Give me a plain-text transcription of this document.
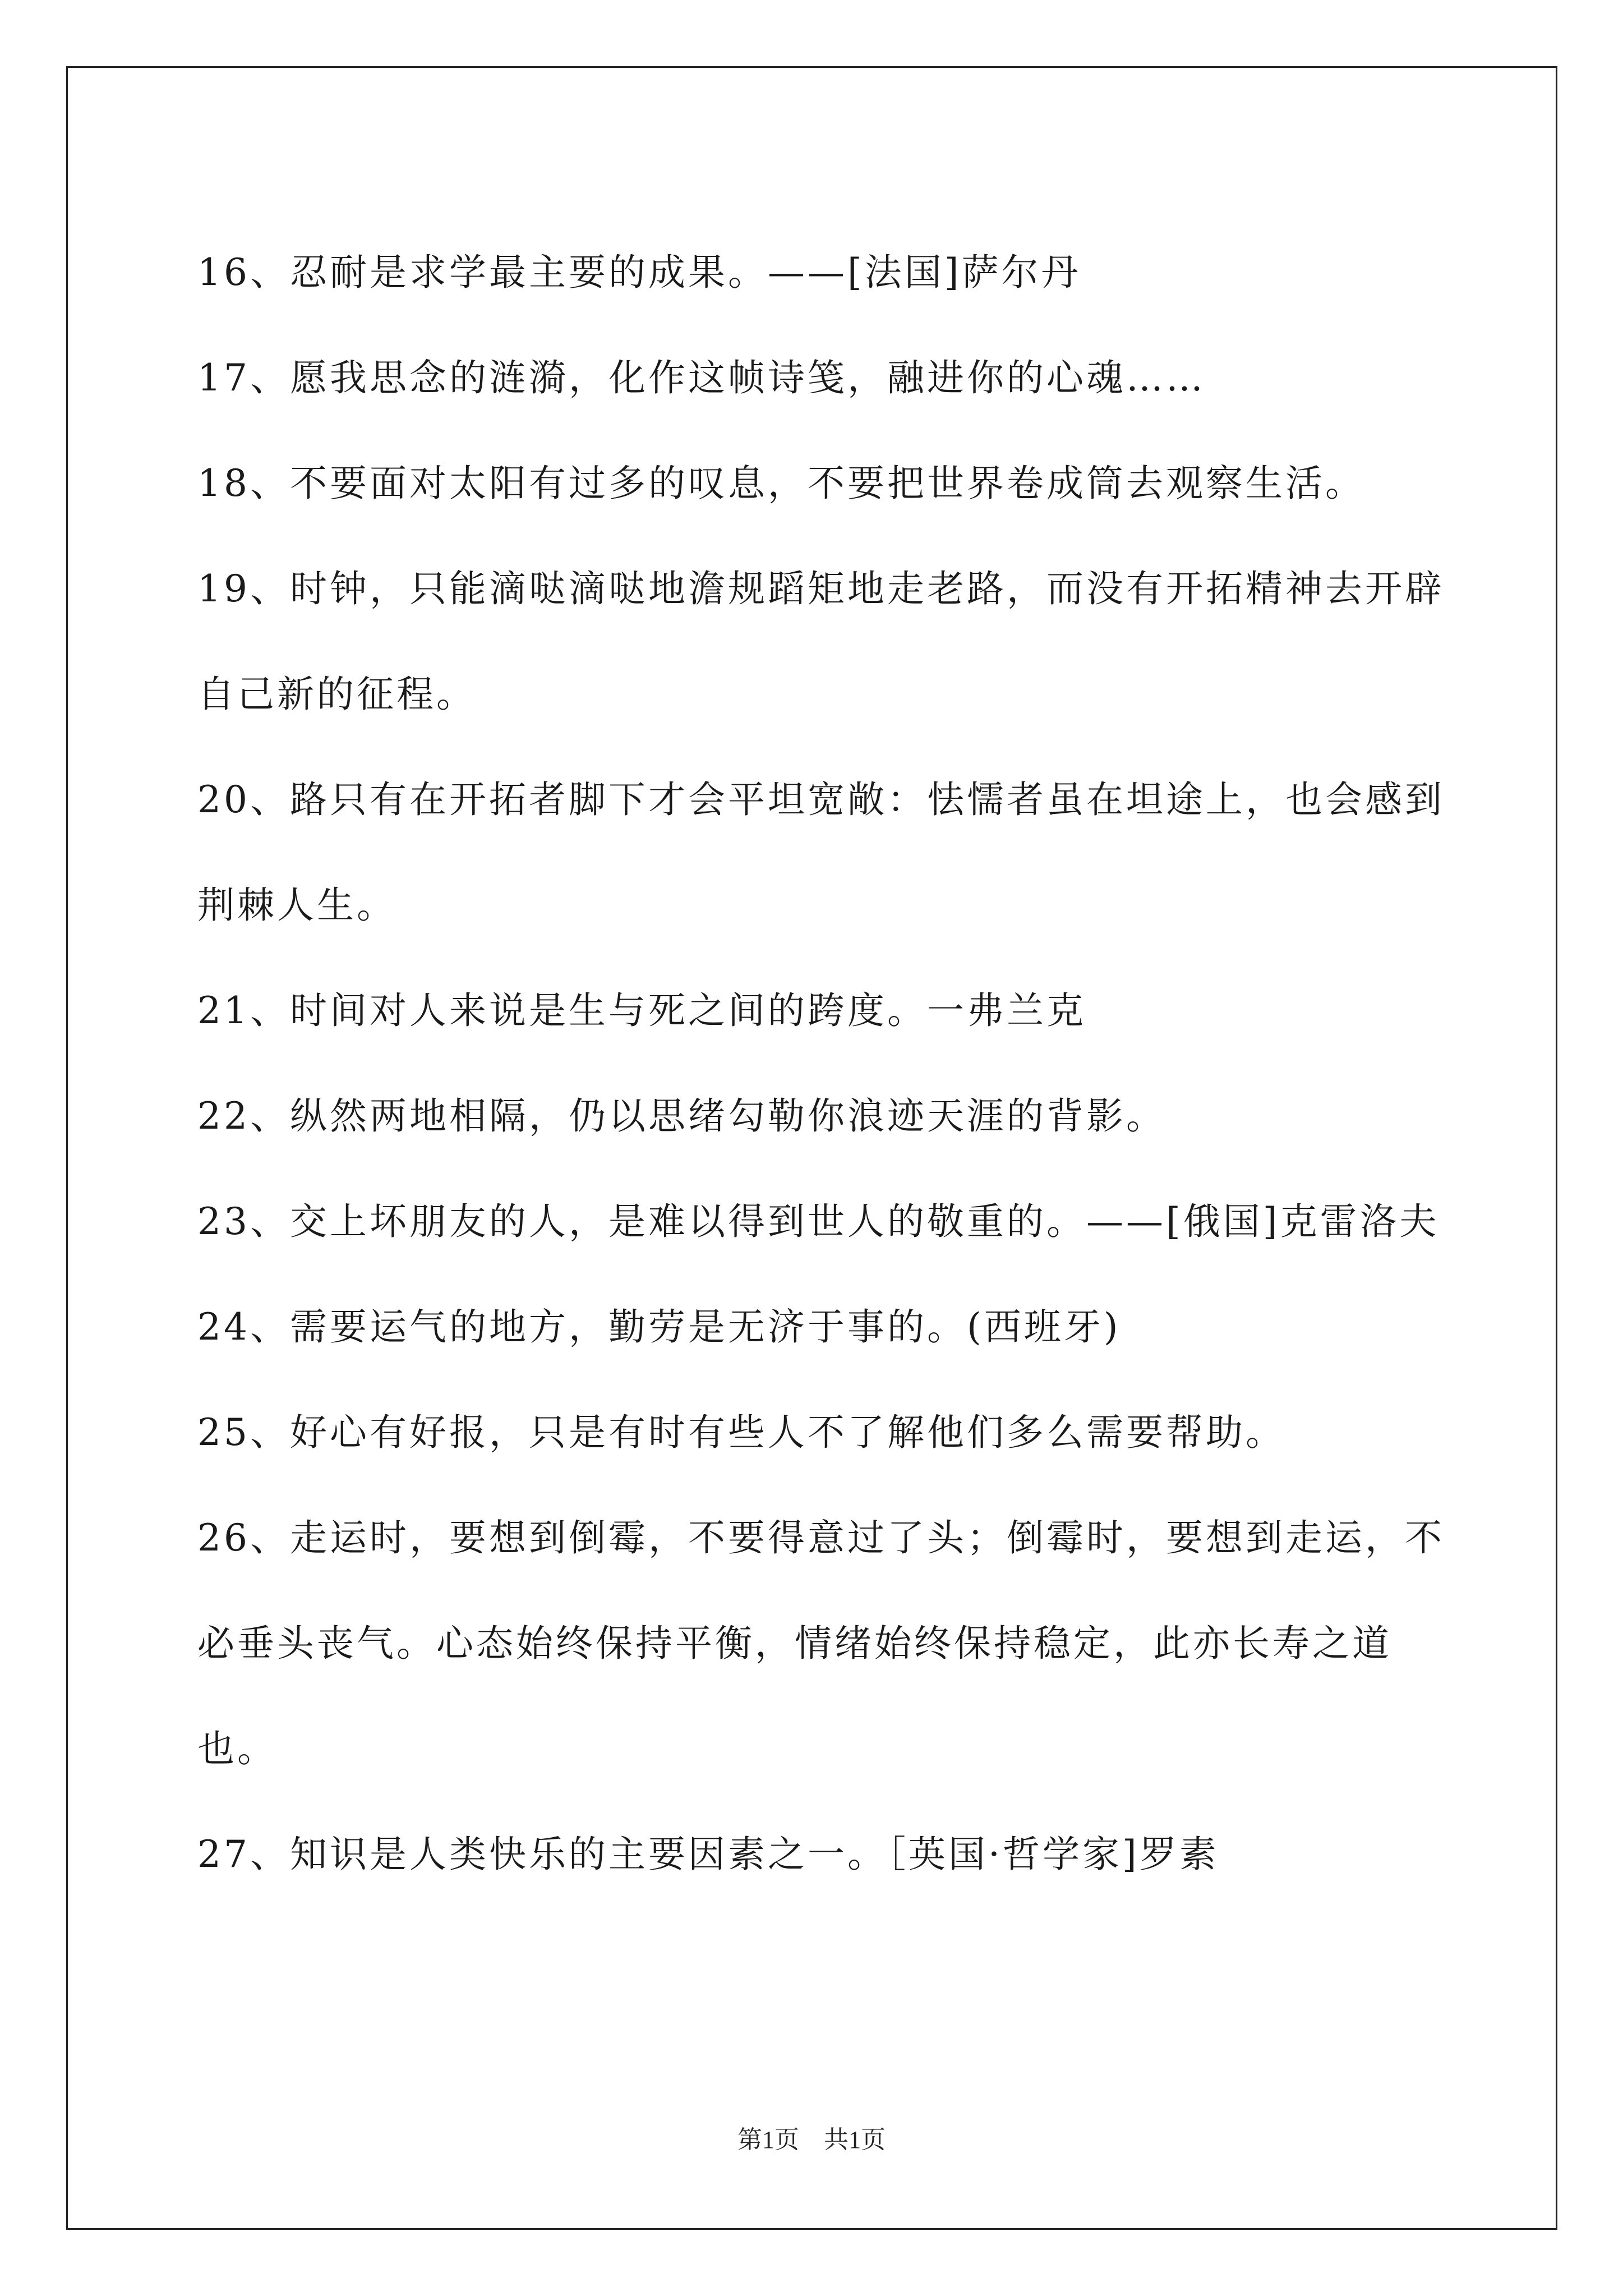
16、忍耐是求学最主要的成果。——[法国]萨尔丹
17、愿我思念的涟漪，化作这帧诗笺，融进你的心魂……
18、不要面对太阳有过多的叹息，不要把世界卷成筒去观察生活。
19、时钟，只能滴哒滴哒地澹规蹈矩地走老路，而没有开拓精神去开辟自己新的征程。
20、路只有在开拓者脚下才会平坦宽敞：怯懦者虽在坦途上，也会感到荆棘人生。
21、时间对人来说是生与死之间的跨度。一弗兰克
22、纵然两地相隔，仍以思绪勾勒你浪迹天涯的背影。
23、交上坏朋友的人，是难以得到世人的敬重的。——[俄国]克雷洛夫
24、需要运气的地方，勤劳是无济于事的。(西班牙)
25、好心有好报，只是有时有些人不了解他们多么需要帮助。
26、走运时，要想到倒霉，不要得意过了头；倒霉时，要想到走运，不必垂头丧气。心态始终保持平衡，情绪始终保持稳定，此亦长寿之道也。
27、知识是人类快乐的主要因素之一。［英国·哲学家]罗素
第1页　共1页
